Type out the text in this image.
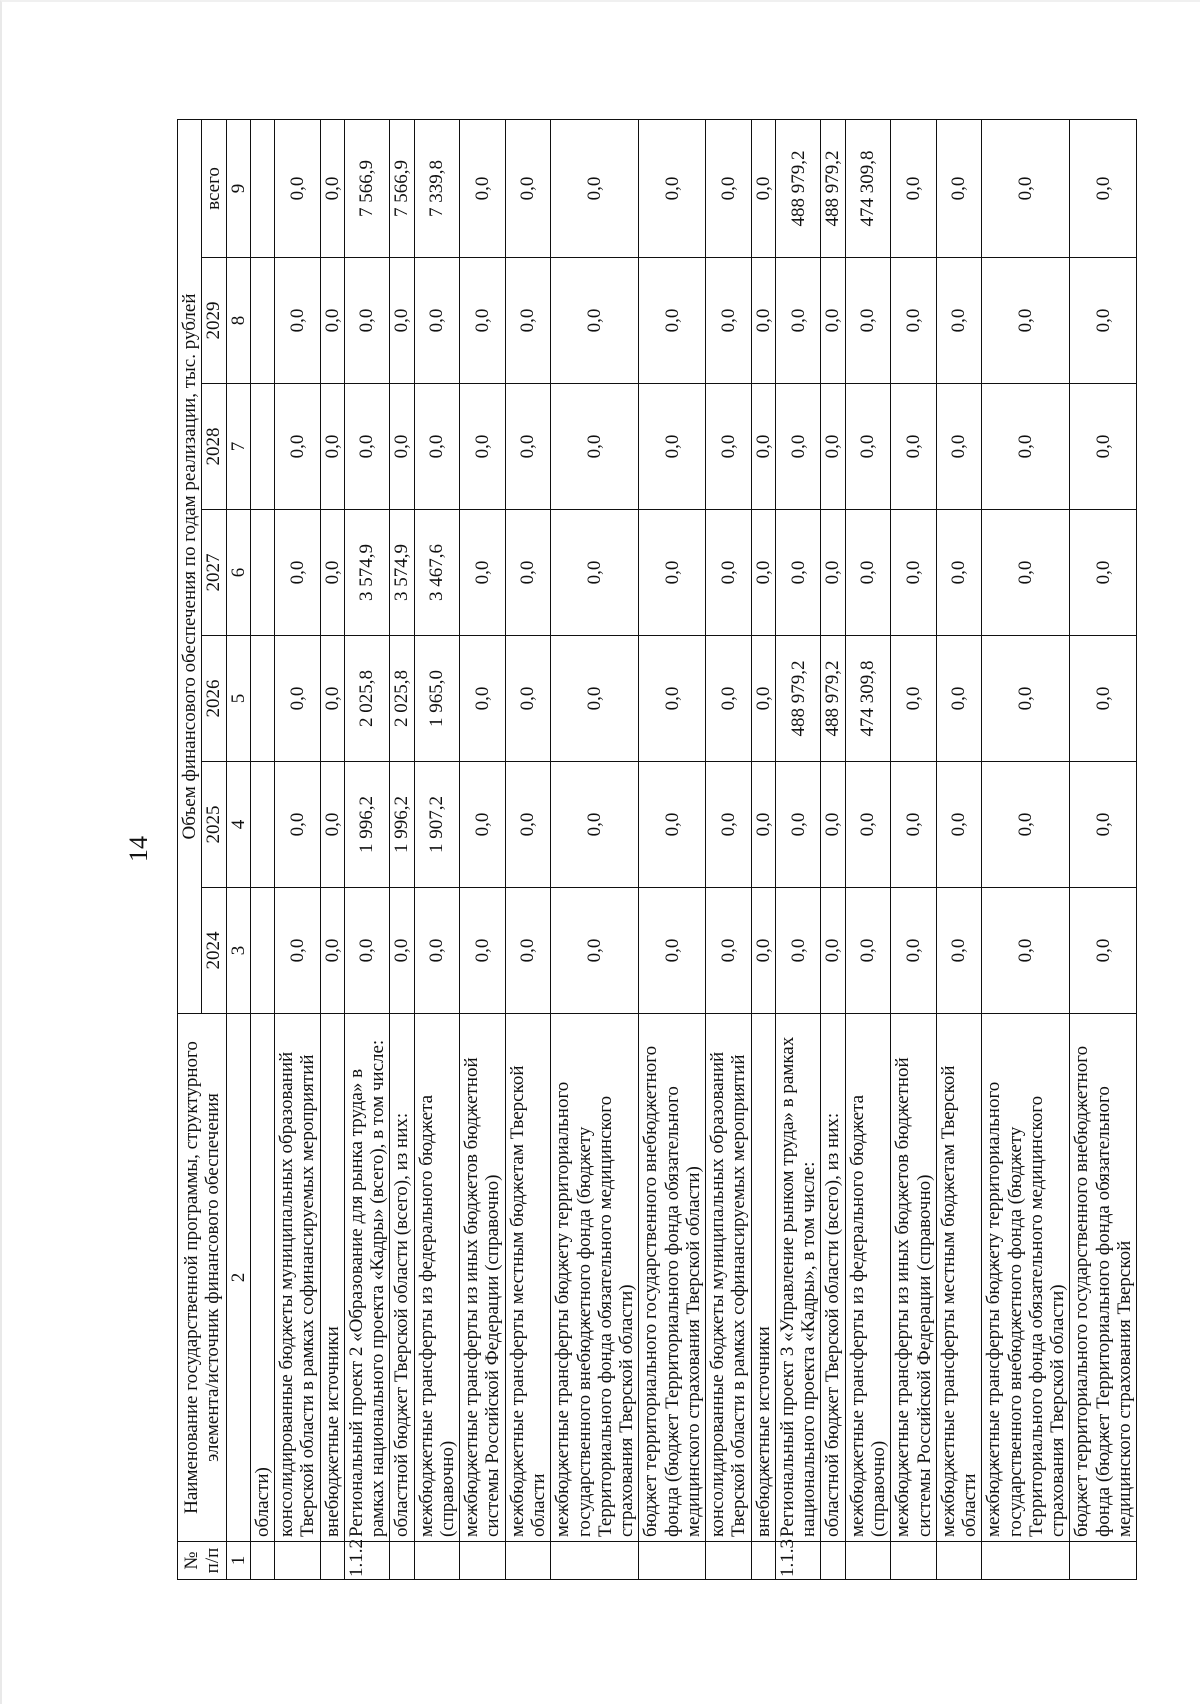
14
№ п/п	Наименование государственной программы, структурного элемента/источник финансового обеспечения	Объем финансового обеспечения по годам реализации, тыс. рублей						
		2024	2025	2026	2027	2028	2029	всего
1	2	3	4	5	6	7	8	9
	области)							
	консолидированные бюджеты муниципальных образований Тверской области в рамках софинансируемых мероприятий	0,0	0,0	0,0	0,0	0,0	0,0	0,0
	внебюджетные источники	0,0	0,0	0,0	0,0	0,0	0,0	0,0
1.1.2	Региональный проект 2 «Образование для рынка труда» в рамках национального проекта «Кадры» (всего), в том числе:	0,0	1 996,2	2 025,8	3 574,9	0,0	0,0	7 566,9
	областной бюджет Тверской области (всего), из них:	0,0	1 996,2	2 025,8	3 574,9	0,0	0,0	7 566,9
	межбюджетные трансферты из федерального бюджета (справочно)	0,0	1 907,2	1 965,0	3 467,6	0,0	0,0	7 339,8
	межбюджетные трансферты из иных бюджетов бюджетной системы Российской Федерации (справочно)	0,0	0,0	0,0	0,0	0,0	0,0	0,0
	межбюджетные трансферты местным бюджетам Тверской области	0,0	0,0	0,0	0,0	0,0	0,0	0,0
	межбюджетные трансферты бюджету территориального государственного внебюджетного фонда (бюджету Территориального фонда обязательного медицинского страхования Тверской области)	0,0	0,0	0,0	0,0	0,0	0,0	0,0
	бюджет территориального государственного внебюджетного фонда (бюджет Территориального фонда обязательного медицинского страхования Тверской области)	0,0	0,0	0,0	0,0	0,0	0,0	0,0
	консолидированные бюджеты муниципальных образований Тверской области в рамках софинансируемых мероприятий	0,0	0,0	0,0	0,0	0,0	0,0	0,0
	внебюджетные источники	0,0	0,0	0,0	0,0	0,0	0,0	0,0
1.1.3	Региональный проект 3 «Управление рынком труда» в рамках национального проекта «Кадры», в том числе:	0,0	0,0	488 979,2	0,0	0,0	0,0	488 979,2
	областной бюджет Тверской области (всего), из них:	0,0	0,0	488 979,2	0,0	0,0	0,0	488 979,2
	межбюджетные трансферты из федерального бюджета (справочно)	0,0	0,0	474 309,8	0,0	0,0	0,0	474 309,8
	межбюджетные трансферты из иных бюджетов бюджетной системы Российской Федерации (справочно)	0,0	0,0	0,0	0,0	0,0	0,0	0,0
	межбюджетные трансферты местным бюджетам Тверской области	0,0	0,0	0,0	0,0	0,0	0,0	0,0
	межбюджетные трансферты бюджету территориального государственного внебюджетного фонда (бюджету Территориального фонда обязательного медицинского страхования Тверской области)	0,0	0,0	0,0	0,0	0,0	0,0	0,0
	бюджет территориального государственного внебюджетного фонда (бюджет Территориального фонда обязательного медицинского страхования Тверской	0,0	0,0	0,0	0,0	0,0	0,0	0,0
